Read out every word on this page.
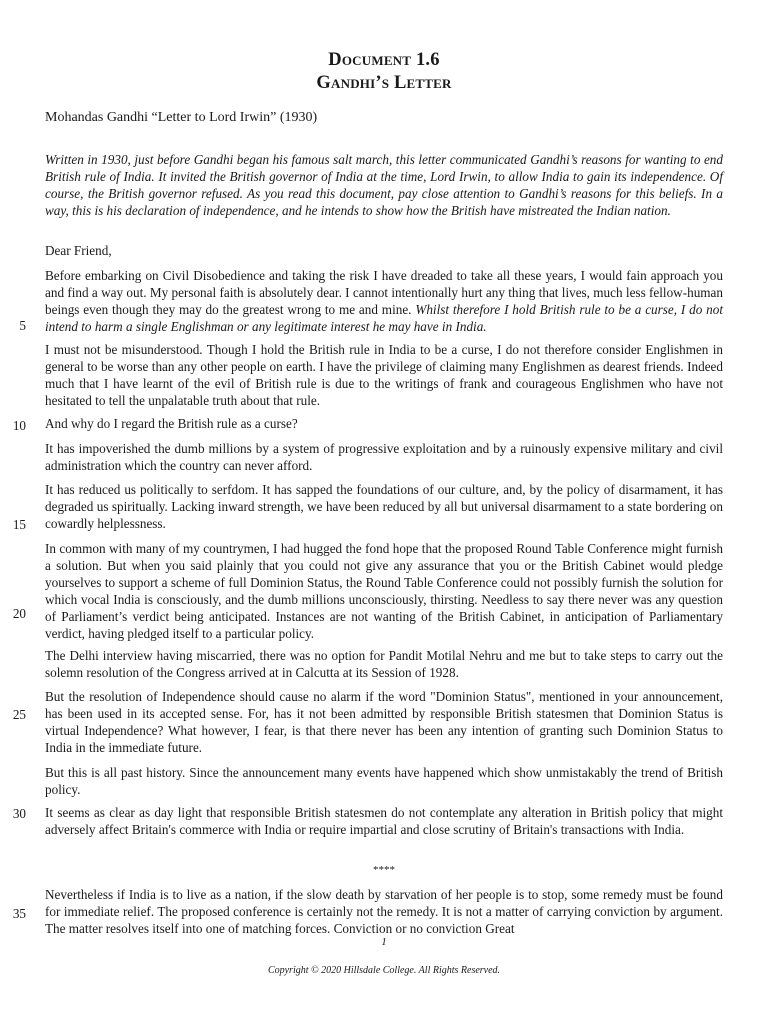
Document 1.6
Gandhi’s Letter
Mohandas Gandhi “Letter to Lord Irwin” (1930)

Written in 1930, just before Gandhi began his famous salt march, this letter communicated Gandhi’s reasons for wanting to end British rule of India. It invited the British governor of India at the time, Lord Irwin, to allow India to gain its independence. Of course, the British governor refused. As you read this document, pay close attention to Gandhi’s reasons for this beliefs. In a way, this is his declaration of independence, and he intends to show how the British have mistreated the Indian nation.

Dear Friend,

Before embarking on Civil Disobedience and taking the risk I have dreaded to take all these years, I would fain approach you and find a way out. My personal faith is absolutely dear. I cannot intentionally hurt any thing that lives, much less fellow-human beings even though they may do the greatest wrong to me and mine. Whilst therefore I hold British rule to be a curse, I do not intend to harm a single Englishman or any legitimate interest he may have in India.

I must not be misunderstood. Though I hold the British rule in India to be a curse, I do not therefore consider Englishmen in general to be worse than any other people on earth. I have the privilege of claiming many Englishmen as dearest friends. Indeed much that I have learnt of the evil of British rule is due to the writings of frank and courageous Englishmen who have not hesitated to tell the unpalatable truth about that rule.

And why do I regard the British rule as a curse?

It has impoverished the dumb millions by a system of progressive exploitation and by a ruinously expensive military and civil administration which the country can never afford.

It has reduced us politically to serfdom. It has sapped the foundations of our culture, and, by the policy of disarmament, it has degraded us spiritually. Lacking inward strength, we have been reduced by all but universal disarmament to a state bordering on cowardly helplessness.

In common with many of my countrymen, I had hugged the fond hope that the proposed Round Table Conference might furnish a solution. But when you said plainly that you could not give any assurance that you or the British Cabinet would pledge yourselves to support a scheme of full Dominion Status, the Round Table Conference could not possibly furnish the solution for which vocal India is consciously, and the dumb millions unconsciously, thirsting. Needless to say there never was any question of Parliament’s verdict being anticipated. Instances are not wanting of the British Cabinet, in anticipation of Parliamentary verdict, having pledged itself to a particular policy.

The Delhi interview having miscarried, there was no option for Pandit Motilal Nehru and me but to take steps to carry out the solemn resolution of the Congress arrived at in Calcutta at its Session of 1928.

But the resolution of Independence should cause no alarm if the word "Dominion Status", mentioned in your announcement, has been used in its accepted sense. For, has it not been admitted by responsible British statesmen that Dominion Status is virtual Independence? What however, I fear, is that there never has been any intention of granting such Dominion Status to India in the immediate future.

But this is all past history. Since the announcement many events have happened which show unmistakably the trend of British policy.

It seems as clear as day light that responsible British statesmen do not contemplate any alteration in British policy that might adversely affect Britain's commerce with India or require impartial and close scrutiny of Britain's transactions with India.

****

Nevertheless if India is to live as a nation, if the slow death by starvation of her people is to stop, some remedy must be found for immediate relief. The proposed conference is certainly not the remedy. It is not a matter of carrying conviction by argument. The matter resolves itself into one of matching forces. Conviction or no conviction Great

5
10
15
20
25
30
35
1
Copyright © 2020 Hillsdale College. All Rights Reserved.
